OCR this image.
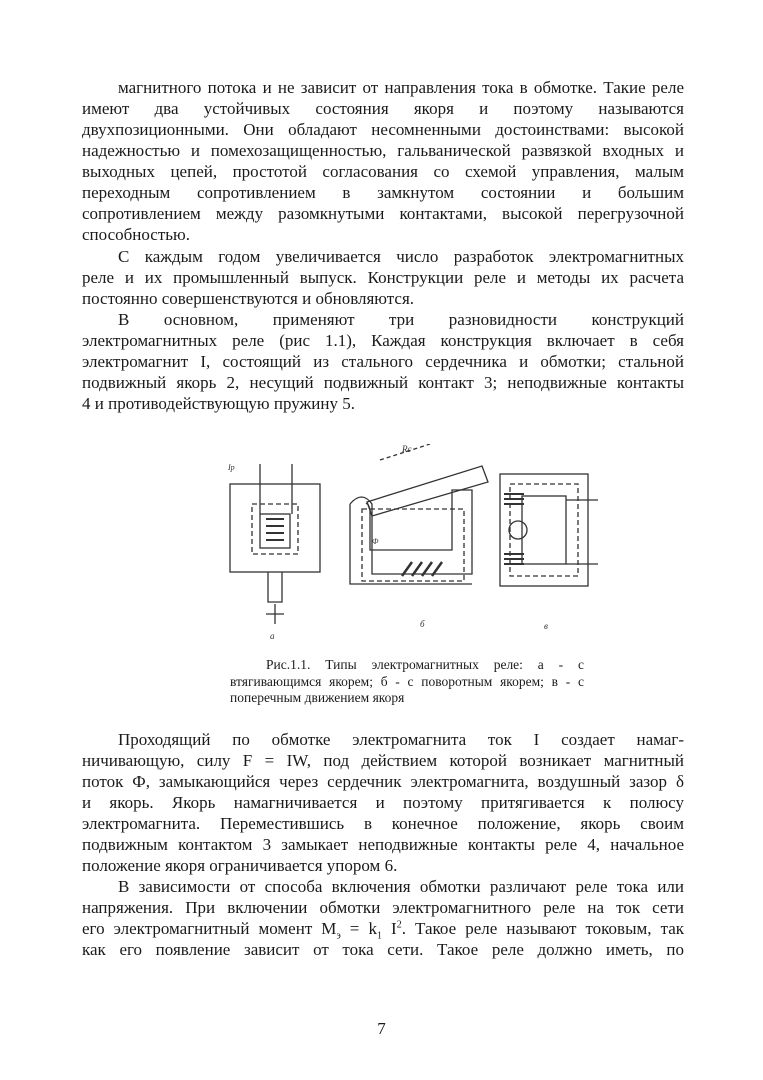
магнитного потока и не зависит от направления тока в обмотке. Такие реле
имеют два устойчивых состояния якоря и поэтому называются
двухпозиционными. Они обладают несомненными достоинствами: высокой
надежностью и помехозащищенностью, гальванической развязкой входных и
выходных цепей, простотой согласования со схемой управления, малым
переходным сопротивлением в замкнутом состоянии и большим
сопротивлением между разомкнутыми контактами, высокой перегрузочной
способностью.
С каждым годом увеличивается число разработок электромагнитных
реле и их промышленный выпуск. Конструкции реле и методы их расчета
постоянно совершенствуются и обновляются.
В основном, применяют три разновидности конструкций
электромагнитных реле (рис 1.1), Каждая конструкция включает в себя
электромагнит I, состоящий из стального сердечника и обмотки; стальной
подвижный якорь 2, несущий подвижный контакт 3; неподвижные контакты
4 и противодействующую пружину 5.
а
Iр
Rс
Ф
б	в
Рис.1.1. Типы электромагнитных реле: а - с
втягивающимся якорем; б - с поворотным якорем; в - с
поперечным движением якоря
Проходящий по обмотке электромагнита ток I создает намаг-
ничивающую, силу F = IW, под действием которой возникает магнитный
поток Ф, замыкающийся через сердечник электромагнита, воздушный зазор δ
и якорь. Якорь намагничивается и поэтому притягивается к полюсу
электромагнита. Переместившись в конечное положение, якорь своим
подвижным контактом 3 замыкает неподвижные контакты реле 4, начальное
положение якоря ограничивается упором 6.
В зависимости от способа включения обмотки различают реле тока или
напряжения. При включении обмотки электромагнитного реле на ток сети
его электромагнитный момент $M_э = k_1$ $I^2$. Такое реле называют токовым, так
как его появление зависит от тока сети. Такое реле должно иметь, по
7
